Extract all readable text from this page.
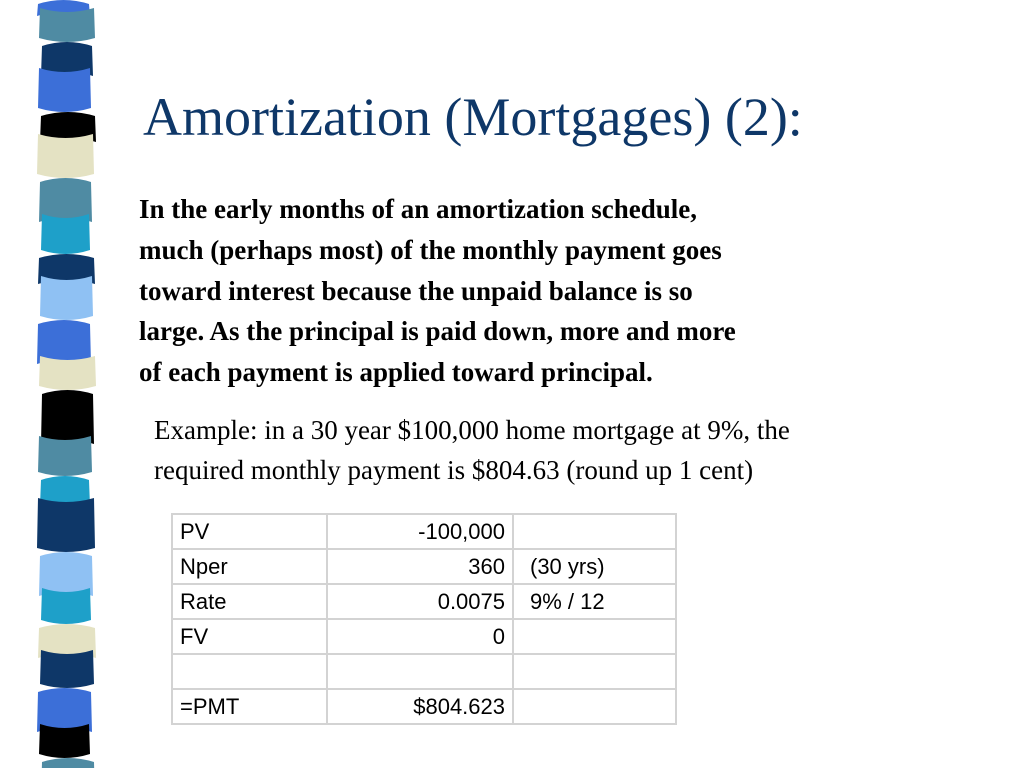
Amortization (Mortgages) (2):
In the early months of an amortization schedule,
much (perhaps most) of the monthly payment goes
toward interest because the unpaid balance is so
large. As the principal is paid down, more and more
of each payment is applied toward principal.
Example: in a 30 year $100,000 home mortgage at 9%, the
required monthly payment is $804.63 (round up 1 cent)
PV	-100,000	
Nper	360	(30 yrs)
Rate	0.0075	9% / 12
FV	0	

=PMT	$804.623	
